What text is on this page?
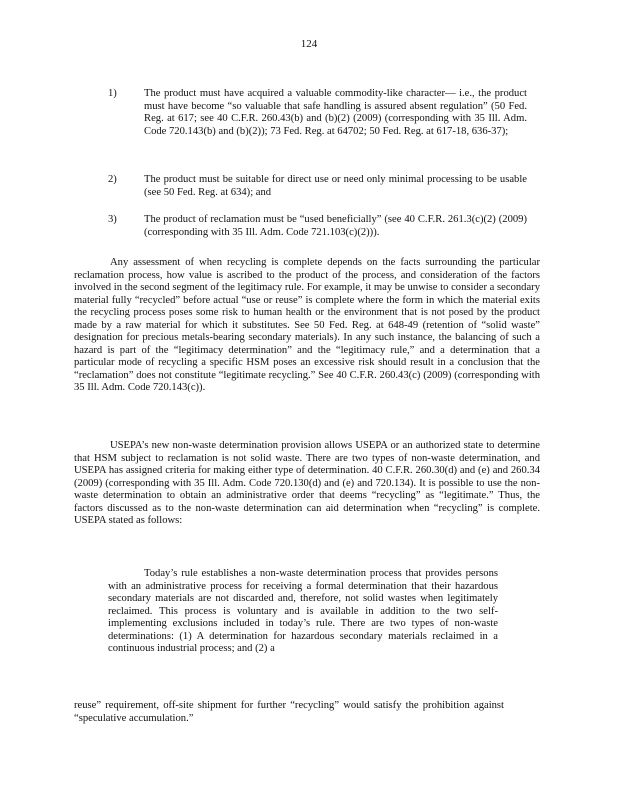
124
1)	The product must have acquired a valuable commodity-like character— i.e., the product must have become “so valuable that safe handling is assured absent regulation” (50 Fed. Reg. at 617; see 40 C.F.R. 260.43(b) and (b)(2) (2009) (corresponding with 35 Ill. Adm. Code 720.143(b) and (b)(2)); 73 Fed. Reg. at 64702; 50 Fed. Reg. at 617-18, 636-37);

2)	The product must be suitable for direct use or need only minimal processing to be usable (see 50 Fed. Reg. at 634); and

3)	The product of reclamation must be “used beneficially” (see 40 C.F.R. 261.3(c)(2) (2009) (corresponding with 35 Ill. Adm. Code 721.103(c)(2))).

Any assessment of when recycling is complete depends on the facts surrounding the particular reclamation process, how value is ascribed to the product of the process, and consideration of the factors involved in the second segment of the legitimacy rule. For example, it may be unwise to consider a secondary material fully “recycled” before actual “use or reuse” is complete where the form in which the material exits the recycling process poses some risk to human health or the environment that is not posed by the product made by a raw material for which it substitutes. See 50 Fed. Reg. at 648-49 (retention of “solid waste” designation for precious metals-bearing secondary materials). In any such instance, the balancing of such a hazard is part of the “legitimacy determination” and the “legitimacy rule,” and a determination that a particular mode of recycling a specific HSM poses an excessive risk should result in a conclusion that the “reclamation” does not constitute “legitimate recycling.” See 40 C.F.R. 260.43(c) (2009) (corresponding with 35 Ill. Adm. Code 720.143(c)).

USEPA’s new non-waste determination provision allows USEPA or an authorized state to determine that HSM subject to reclamation is not solid waste. There are two types of non-waste determination, and USEPA has assigned criteria for making either type of determination. 40 C.F.R. 260.30(d) and (e) and 260.34 (2009) (corresponding with 35 Ill. Adm. Code 720.130(d) and (e) and 720.134). It is possible to use the non-waste determination to obtain an administrative order that deems “recycling” as “legitimate.” Thus, the factors discussed as to the non-waste determination can aid determination when “recycling” is complete. USEPA stated as follows:

Today’s rule establishes a non-waste determination process that provides persons with an administrative process for receiving a formal determination that their hazardous secondary materials are not discarded and, therefore, not solid wastes when legitimately reclaimed. This process is voluntary and is available in addition to the two self-implementing exclusions included in today’s rule. There are two types of non-waste determinations: (1) A determination for hazardous secondary materials reclaimed in a continuous industrial process; and (2) a

reuse” requirement, off-site shipment for further “recycling” would satisfy the prohibition against “speculative accumulation.”
